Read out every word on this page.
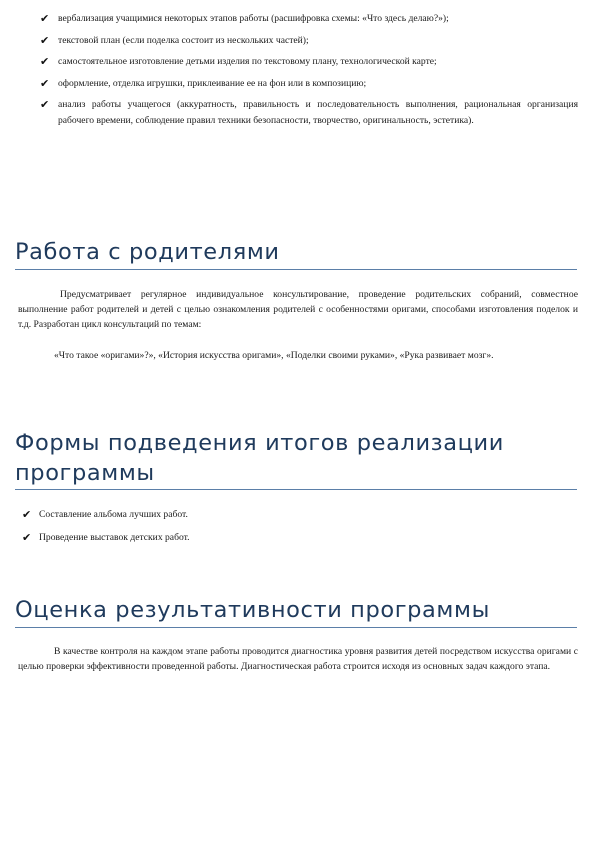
✔ вербализация учащимися некоторых этапов работы (расшифровка схемы: «Что здесь делаю?»);
✔ текстовой план (если поделка состоит из нескольких частей);
✔ самостоятельное изготовление детьми изделия по текстовому плану, технологической карте;
✔ оформление, отделка игрушки, приклеивание ее на фон или в композицию;
✔ анализ работы учащегося (аккуратность, правильность и последовательность выполнения, рациональная организация рабочего времени, соблюдение правил техники безопасности, творчество, оригинальность, эстетика).
Работа с родителями

Предусматривает регулярное индивидуальное консультирование, проведение родительских собраний, совместное выполнение работ родителей и детей с целью ознакомления родителей с особенностями оригами, способами изготовления поделок и т.д. Разработан цикл консультаций по темам:

«Что такое «оригами»?», «История искусства оригами», «Поделки своими руками», «Рука развивает мозг».

Формы подведения итогов реализации
программы
✔ Составление альбома лучших работ.
✔ Проведение выставок детских работ.
Оценка результативности программы

В качестве контроля на каждом этапе работы проводится диагностика уровня развития детей посредством искусства оригами с целью проверки эффективности проведенной работы. Диагностическая работа строится исходя из основных задач каждого этапа.
